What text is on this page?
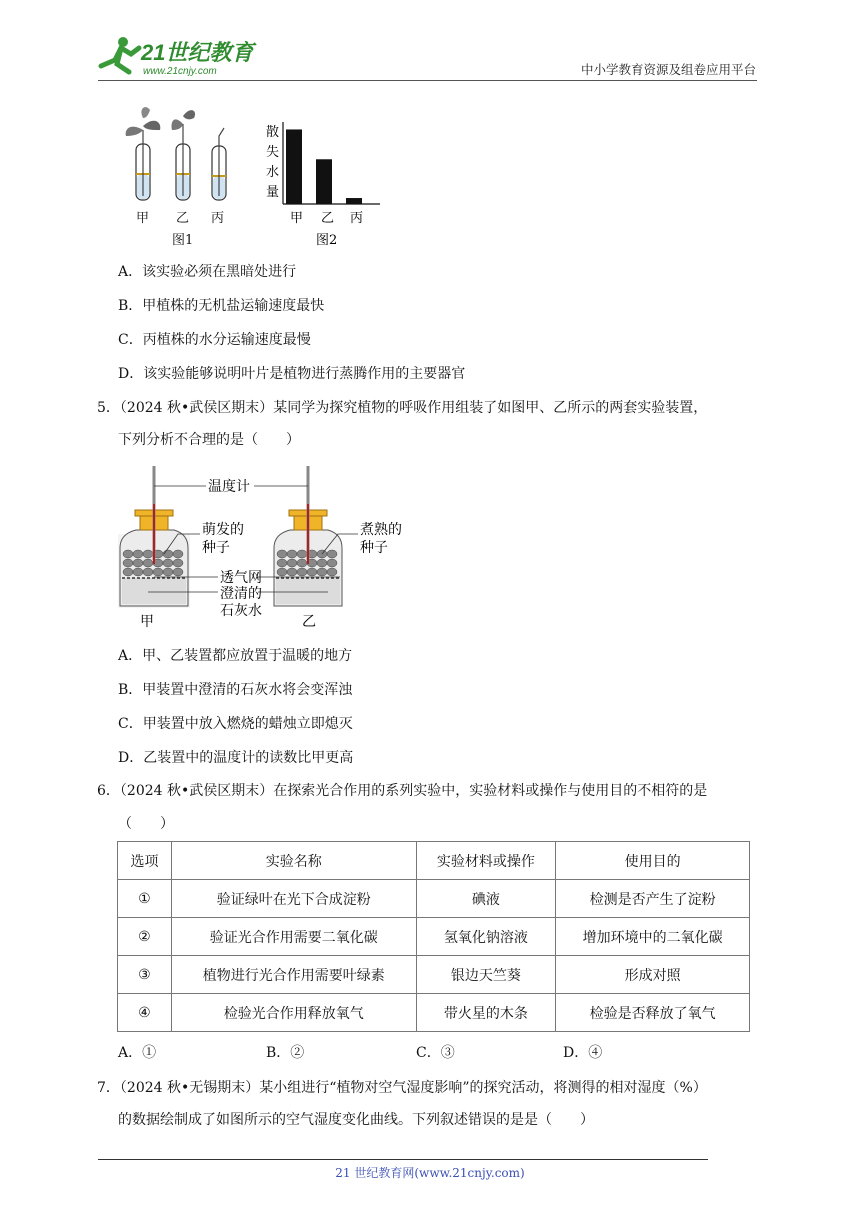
21世纪教育
www.21cnjy.com	中小学教育资源及组卷应用平台
甲 乙 丙
图1
散
失
水
量
甲 乙 丙
图2
A．该实验必须在黑暗处进行
B．甲植株的无机盐运输速度最快
C．丙植株的水分运输速度最慢
D．该实验能够说明叶片是植物进行蒸腾作用的主要器官
5．（2024 秋•武侯区期末）某同学为探究植物的呼吸作用组装了如图甲、乙所示的两套实验装置，
下列分析不合理的是（　　）
温度计
萌发的
种子
煮熟的
种子
透气网
澄清的
石灰水
甲	乙
A．甲、乙装置都应放置于温暖的地方
B．甲装置中澄清的石灰水将会变浑浊
C．甲装置中放入燃烧的蜡烛立即熄灭
D．乙装置中的温度计的读数比甲更高
6．（2024 秋•武侯区期末）在探索光合作用的系列实验中，实验材料或操作与使用目的不相符的是
（　　）
选项	实验名称	实验材料或操作	使用目的
①	验证绿叶在光下合成淀粉	碘液	检测是否产生了淀粉
②	验证光合作用需要二氧化碳	氢氧化钠溶液	增加环境中的二氧化碳
③	植物进行光合作用需要叶绿素	银边天竺葵	形成对照
④	检验光合作用释放氧气	带火星的木条	检验是否释放了氧气
A．①	B．②	C．③	D．④
7．（2024 秋•无锡期末）某小组进行“植物对空气湿度影响”的探究活动，将测得的相对湿度（%）
的数据绘制成了如图所示的空气湿度变化曲线。下列叙述错误的是是（　　）
21 世纪教育网(www.21cnjy.com)
